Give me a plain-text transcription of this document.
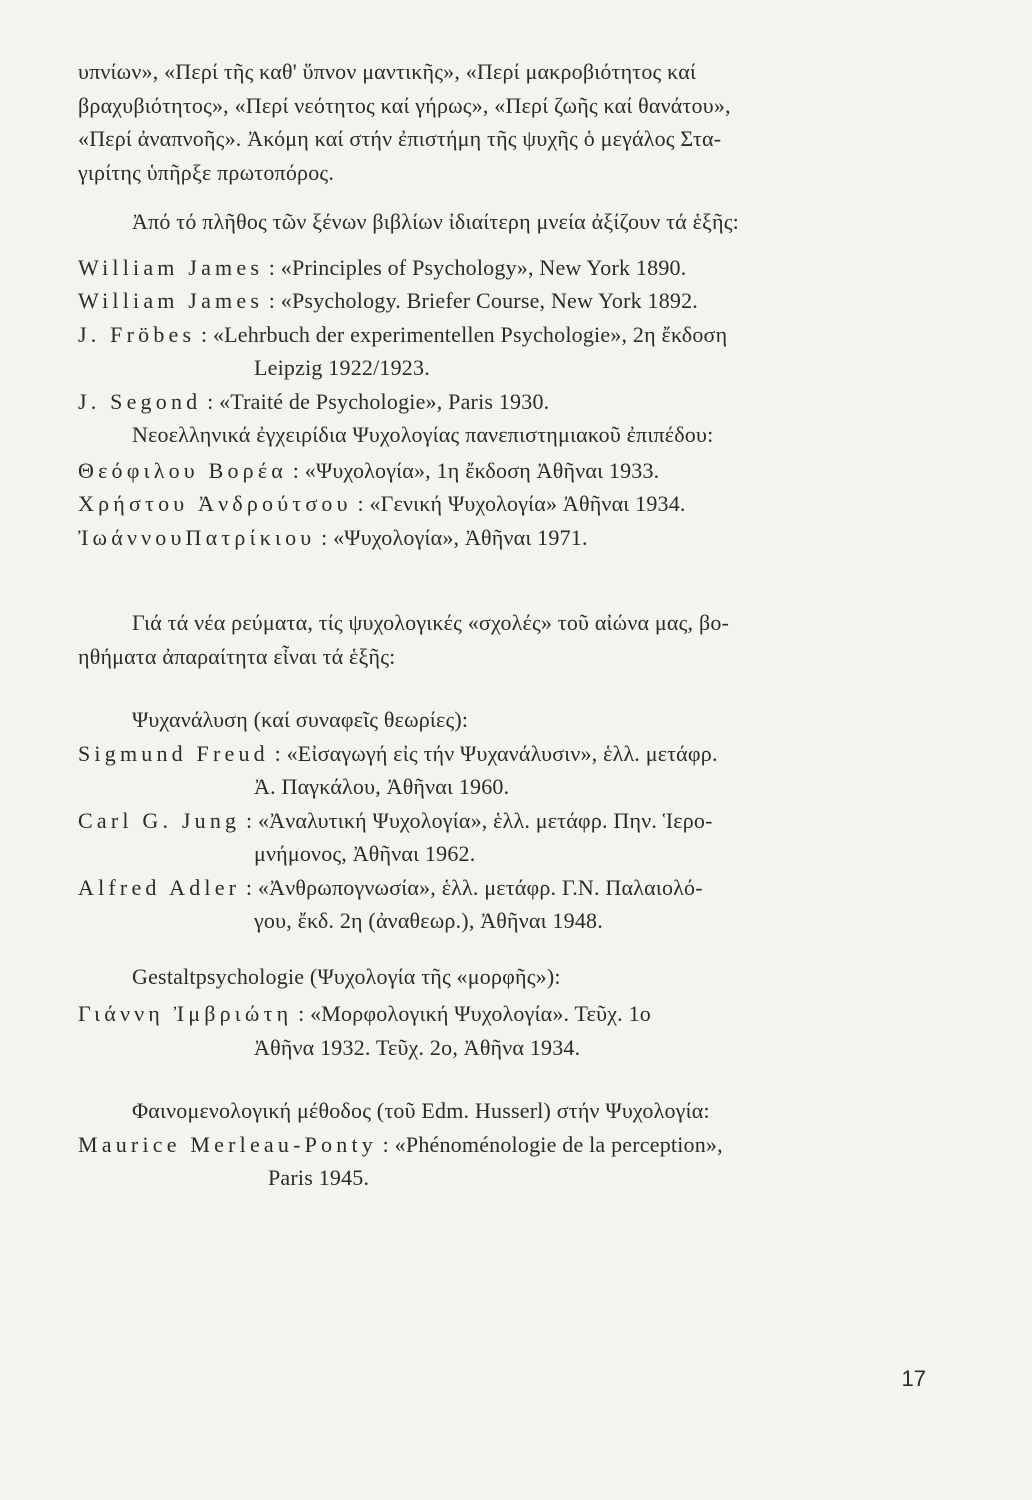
υπνίων», «Περί τῆς καθ' ὕπνον μαντικῆς», «Περί μακροβιότητος καί
βραχυβιότητος», «Περί νεότητος καί γήρως», «Περί ζωῆς καί θανάτου»,
«Περί ἀναπνοῆς». Ἀκόμη καί στήν ἐπιστήμη τῆς ψυχῆς ὁ μεγάλος Στα-
γιρίτης ὑπῆρξε πρωτοπόρος.

Ἀπό τό πλῆθος τῶν ξένων βιβλίων ἰδιαίτερη μνεία ἀξίζουν τά ἑξῆς:

William James : «Principles of Psychology», New York 1890.

William James : «Psychology. Briefer Course, New York 1892.

J. Fröbes : «Lehrbuch der experimentellen Psychologie», 2η ἔκδοση
Leipzig 1922/1923.

J. Segond : «Traité de Psychologie», Paris 1930.

Νεοελληνικά ἐγχειρίδια Ψυχολογίας πανεπιστημιακοῦ ἐπιπέδου:

Θεόφιλου Βορέα : «Ψυχολογία», 1η ἔκδοση Ἀθῆναι 1933.

Χρήστου Ἀνδρούτσου : «Γενική Ψυχολογία» Ἀθῆναι 1934.

ἸωάννουΠατρίκιου : «Ψυχολογία», Ἀθῆναι 1971.

Γιά τά νέα ρεύματα, τίς ψυχολογικές «σχολές» τοῦ αἰώνα μας, βο-
ηθήματα ἀπαραίτητα εἶναι τά ἑξῆς:

Ψυχανάλυση (καί συναφεῖς θεωρίες):

Sigmund Freud : «Εἰσαγωγή εἰς τήν Ψυχανάλυσιν», ἑλλ. μετάφρ.
Ἀ. Παγκάλου, Ἀθῆναι 1960.

Carl G. Jung : «Ἀναλυτική Ψυχολογία», ἑλλ. μετάφρ. Πην. Ἱερο-
μνήμονος, Ἀθῆναι 1962.

Alfred Adler : «Ἀνθρωπογνωσία», ἑλλ. μετάφρ. Γ.Ν. Παλαιολό-
γου, ἔκδ. 2η (ἀναθεωρ.), Ἀθῆναι 1948.

Gestaltpsychologie (Ψυχολογία τῆς «μορφῆς»):

Γιάννη Ἰμβριώτη : «Μορφολογική Ψυχολογία». Τεῦχ. 1ο
Ἀθῆνα 1932. Τεῦχ. 2ο, Ἀθῆνα 1934.

Φαινομενολογική μέθοδος (τοῦ Edm. Husserl) στήν Ψυχολογία:

Maurice Merleau-Ponty : «Phénoménologie de la perception»,
Paris 1945.

17
